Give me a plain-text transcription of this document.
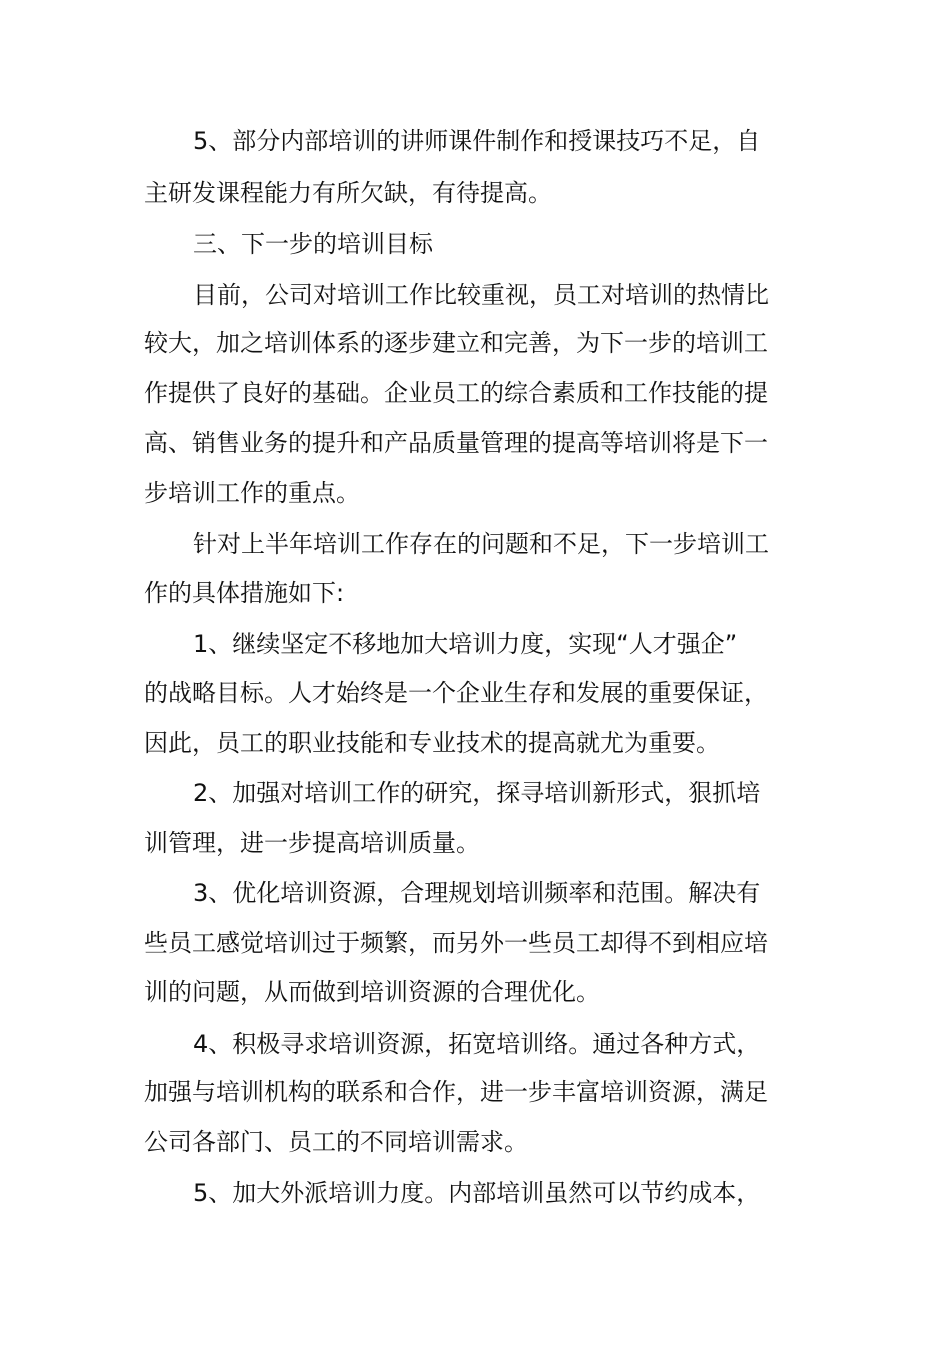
5、部分内部培训的讲师课件制作和授课技巧不足，自

主研发课程能力有所欠缺，有待提高。

三、下一步的培训目标

目前，公司对培训工作比较重视，员工对培训的热情比

较大，加之培训体系的逐步建立和完善，为下一步的培训工

作提供了良好的基础。企业员工的综合素质和工作技能的提

高、销售业务的提升和产品质量管理的提高等培训将是下一

步培训工作的重点。

针对上半年培训工作存在的问题和不足，下一步培训工

作的具体措施如下:

1、继续坚定不移地加大培训力度，实现“人才强企”

的战略目标。人才始终是一个企业生存和发展的重要保证，

因此，员工的职业技能和专业技术的提高就尤为重要。

2、加强对培训工作的研究，探寻培训新形式，狠抓培

训管理，进一步提高培训质量。

3、优化培训资源，合理规划培训频率和范围。解决有

些员工感觉培训过于频繁，而另外一些员工却得不到相应培

训的问题，从而做到培训资源的合理优化。

4、积极寻求培训资源，拓宽培训络。通过各种方式，

加强与培训机构的联系和合作，进一步丰富培训资源，满足

公司各部门、员工的不同培训需求。

5、加大外派培训力度。内部培训虽然可以节约成本，
